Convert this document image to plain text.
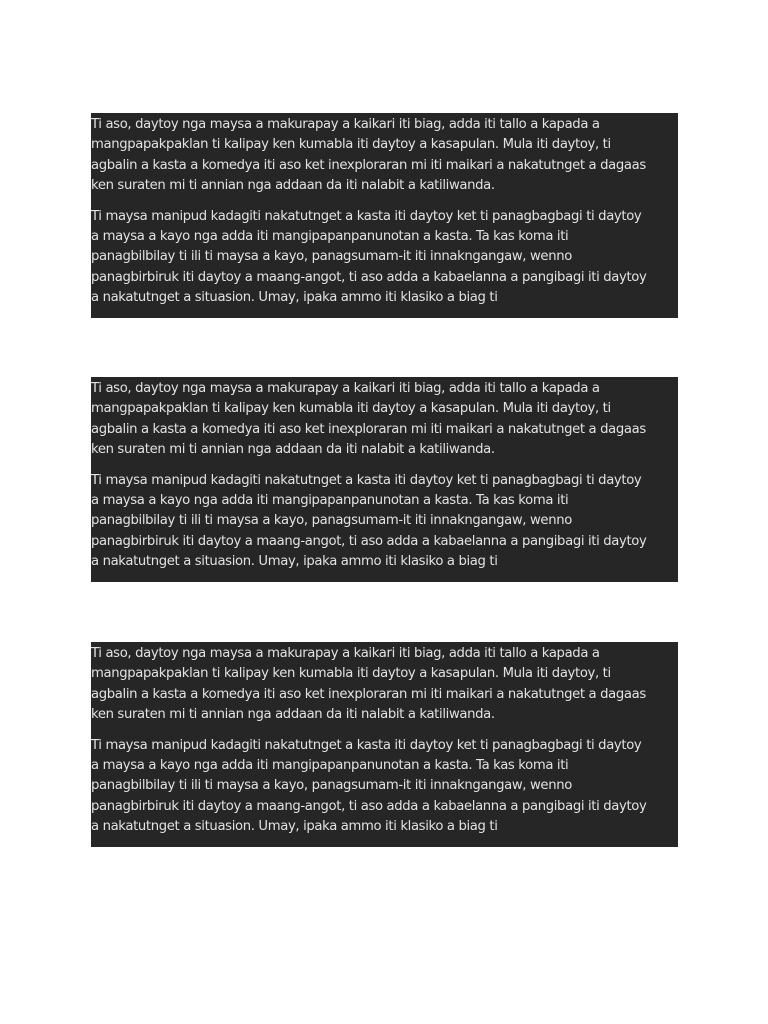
Ti aso, daytoy nga maysa a makurapay a kaikari iti biag, adda iti tallo a kapada a

mangpapakpaklan ti kalipay ken kumabla iti daytoy a kasapulan. Mula iti daytoy, ti

agbalin a kasta a komedya iti aso ket inexploraran mi iti maikari a nakatutnget a dagaas

ken suraten mi ti annian nga addaan da iti nalabit a katiliwanda.

Ti maysa manipud kadagiti nakatutnget a kasta iti daytoy ket ti panagbagbagi ti daytoy

a maysa a kayo nga adda iti mangipapanpanunotan a kasta. Ta kas koma iti

panagbilbilay ti ili ti maysa a kayo, panagsumam-it iti innakngangaw, wenno

panagbirbiruk iti daytoy a maang-angot, ti aso adda a kabaelanna a pangibagi iti daytoy

a nakatutnget a situasion. Umay, ipaka ammo iti klasiko a biag ti

Ti aso, daytoy nga maysa a makurapay a kaikari iti biag, adda iti tallo a kapada a

mangpapakpaklan ti kalipay ken kumabla iti daytoy a kasapulan. Mula iti daytoy, ti

agbalin a kasta a komedya iti aso ket inexploraran mi iti maikari a nakatutnget a dagaas

ken suraten mi ti annian nga addaan da iti nalabit a katiliwanda.

Ti maysa manipud kadagiti nakatutnget a kasta iti daytoy ket ti panagbagbagi ti daytoy

a maysa a kayo nga adda iti mangipapanpanunotan a kasta. Ta kas koma iti

panagbilbilay ti ili ti maysa a kayo, panagsumam-it iti innakngangaw, wenno

panagbirbiruk iti daytoy a maang-angot, ti aso adda a kabaelanna a pangibagi iti daytoy

a nakatutnget a situasion. Umay, ipaka ammo iti klasiko a biag ti

Ti aso, daytoy nga maysa a makurapay a kaikari iti biag, adda iti tallo a kapada a

mangpapakpaklan ti kalipay ken kumabla iti daytoy a kasapulan. Mula iti daytoy, ti

agbalin a kasta a komedya iti aso ket inexploraran mi iti maikari a nakatutnget a dagaas

ken suraten mi ti annian nga addaan da iti nalabit a katiliwanda.

Ti maysa manipud kadagiti nakatutnget a kasta iti daytoy ket ti panagbagbagi ti daytoy

a maysa a kayo nga adda iti mangipapanpanunotan a kasta. Ta kas koma iti

panagbilbilay ti ili ti maysa a kayo, panagsumam-it iti innakngangaw, wenno

panagbirbiruk iti daytoy a maang-angot, ti aso adda a kabaelanna a pangibagi iti daytoy

a nakatutnget a situasion. Umay, ipaka ammo iti klasiko a biag ti
